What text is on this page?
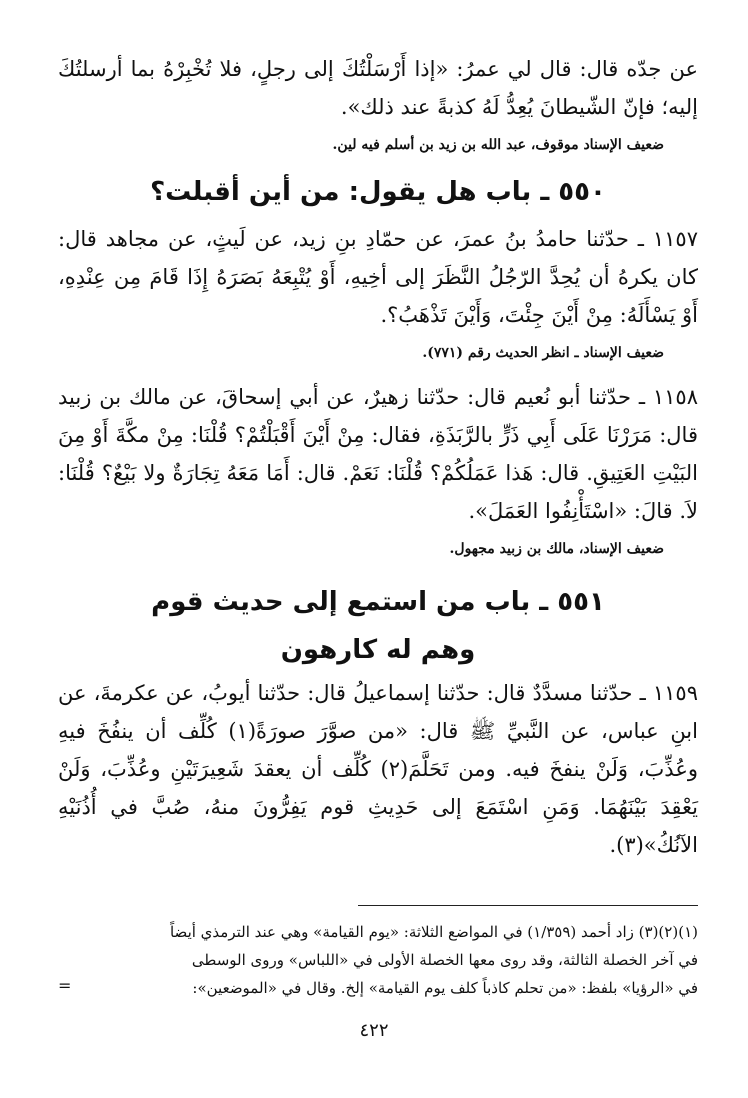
عن جدّه قال: قال لي عمرُ: «إذا أَرْسَلْتُكَ إلى رجلٍ، فلا تُخْبِرْهُ بما أرسلتُكَ إليه؛ فإنّ الشّيطانَ يُعِدُّ لَهُ كذبةً عند ذلك».

ضعيف الإسناد موقوف، عبد الله بن زيد بن أسلم فيه لين.

٥٥٠ ـ باب هل يقول: من أين أقبلت؟

١١٥٧ ـ حدّثنا حامدُ بنُ عمرَ، عن حمّادِ بنِ زيد، عن لَيثٍ، عن مجاهد قال: كان يكرهُ أن يُحِدَّ الرّجُلُ النَّظَرَ إلى أخِيهِ، أَوْ يُتْبِعَهُ بَصَرَهُ إِذَا قَامَ مِن عِنْدِهِ، أَوْ يَسْأَلَهُ: مِنْ أَيْنَ جِئْتَ، وَأَيْنَ تَذْهَبُ؟.

ضعيف الإسناد ـ انظر الحديث رقم (٧٧١).

١١٥٨ ـ حدّثنا أبو نُعيم قال: حدّثنا زهيرٌ، عن أبي إسحاقَ، عن مالك بن زبيد قال: مَرَرْنَا عَلَى أَبِي ذَرٍّ بالرَّبَذَةِ، فقال: مِنْ أَيْنَ أَقْبَلْتُمْ؟ قُلْنَا: مِنْ مكَّةَ أَوْ مِنَ البَيْتِ العَتِيقِ. قال: هَذا عَمَلُكُمْ؟ قُلْنَا: نَعَمْ. قال: أَمَا مَعَهُ تِجَارَةٌ ولا بَيْعٌ؟ قُلْنَا: لاَ. قالَ: «اسْتَأْنِفُوا العَمَلَ».

ضعيف الإسناد، مالك بن زبيد مجهول.

٥٥١ ـ باب من استمع إلى حديث قوم
وهم له كارهون

١١٥٩ ـ حدّثنا مسدَّدٌ قال: حدّثنا إسماعيلُ قال: حدّثنا أيوبُ، عن عكرمةَ، عن ابنِ عباس، عن النَّبيِّ ﷺ قال: «من صوَّرَ صورَةً(١) كُلِّف أن ينفُخَ فيهِ وعُذِّبَ، وَلَنْ ينفخَ فيه. ومن تَحَلَّمَ(٢) كُلِّف أن يعقدَ شَعِيرَتَيْنِ وعُذِّبَ، وَلَنْ يَعْقِدَ بَيْنَهُمَا. وَمَنِ اسْتَمَعَ إلى حَدِيثِ قوم يَفِرُّونَ منهُ، صُبَّ في أُذُنَيْهِ الآنُكُ»(٣).

(١)(٢)(٣) زاد أحمد (١/٣٥٩) في المواضع الثلاثة: «يوم القيامة» وهي عند الترمذي أيضاً

في آخر الخصلة الثالثة، وقد روى معها الخصلة الأولى في «اللباس» وروى الوسطى

في «الرؤيا» بلفظ: «من تحلم كاذباً كلف يوم القيامة» إلخ. وقال في «الموضعين»:

=
٤٢٢
